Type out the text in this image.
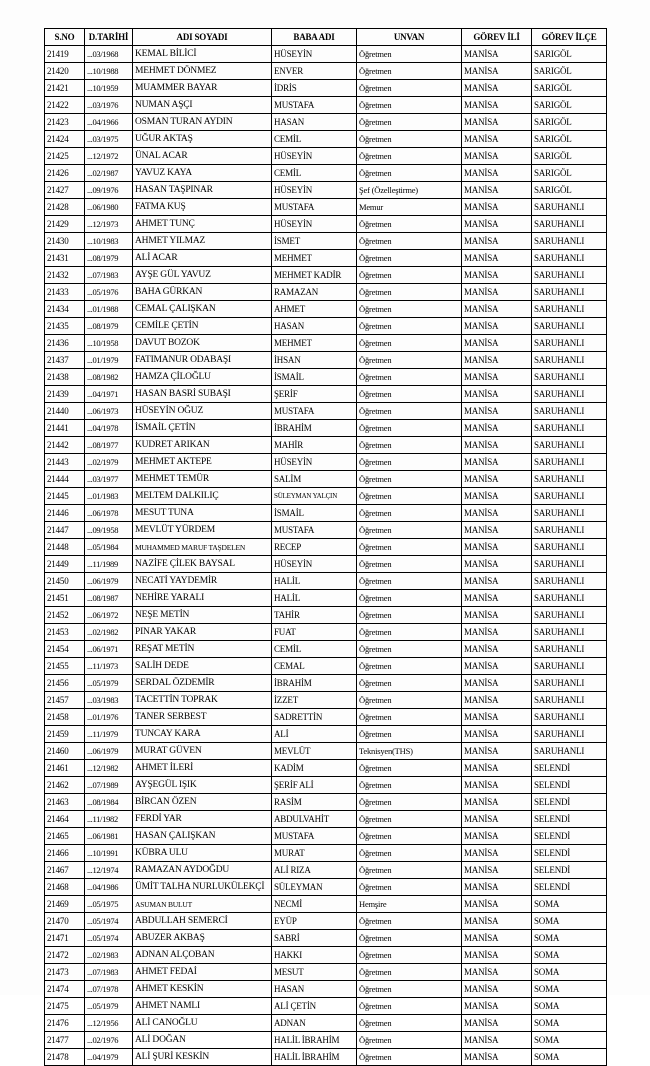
S.NO	D.TARİHİ	ADI SOYADI	BABA ADI	UNVAN	GÖREV İLİ	GÖREV İLÇE
21419	...03/1968	KEMAL BİLİCİ	HÜSEYİN	Öğretmen	MANİSA	SARIGÖL
21420	...10/1988	MEHMET DÖNMEZ	ENVER	Öğretmen	MANİSA	SARIGÖL
21421	...10/1959	MUAMMER BAYAR	İDRİS	Öğretmen	MANİSA	SARIGÖL
21422	...03/1976	NUMAN AŞÇI	MUSTAFA	Öğretmen	MANİSA	SARIGÖL
21423	...04/1966	OSMAN TURAN AYDIN	HASAN	Öğretmen	MANİSA	SARIGÖL
21424	...03/1975	UĞUR AKTAŞ	CEMİL	Öğretmen	MANİSA	SARIGÖL
21425	...12/1972	ÜNAL ACAR	HÜSEYİN	Öğretmen	MANİSA	SARIGÖL
21426	...02/1987	YAVUZ KAYA	CEMİL	Öğretmen	MANİSA	SARIGÖL
21427	...09/1976	HASAN TAŞPINAR	HÜSEYİN	Şef (Özelleştirme)	MANİSA	SARIGÖL
21428	...06/1980	FATMA KUŞ	MUSTAFA	Memur	MANİSA	SARUHANLI
21429	...12/1973	AHMET TUNÇ	HÜSEYİN	Öğretmen	MANİSA	SARUHANLI
21430	...10/1983	AHMET YILMAZ	İSMET	Öğretmen	MANİSA	SARUHANLI
21431	...08/1979	ALİ ACAR	MEHMET	Öğretmen	MANİSA	SARUHANLI
21432	...07/1983	AYŞE GÜL YAVUZ	MEHMET KADİR	Öğretmen	MANİSA	SARUHANLI
21433	...05/1976	BAHA GÜRKAN	RAMAZAN	Öğretmen	MANİSA	SARUHANLI
21434	...01/1988	CEMAL ÇALIŞKAN	AHMET	Öğretmen	MANİSA	SARUHANLI
21435	...08/1979	CEMİLE ÇETİN	HASAN	Öğretmen	MANİSA	SARUHANLI
21436	...10/1958	DAVUT BOZOK	MEHMET	Öğretmen	MANİSA	SARUHANLI
21437	...01/1979	FATIMANUR ODABAŞI	İHSAN	Öğretmen	MANİSA	SARUHANLI
21438	...08/1982	HAMZA ÇİLOĞLU	İSMAİL	Öğretmen	MANİSA	SARUHANLI
21439	...04/1971	HASAN BASRİ SUBAŞI	ŞERİF	Öğretmen	MANİSA	SARUHANLI
21440	...06/1973	HÜSEYİN OĞUZ	MUSTAFA	Öğretmen	MANİSA	SARUHANLI
21441	...04/1978	İSMAİL ÇETİN	İBRAHİM	Öğretmen	MANİSA	SARUHANLI
21442	...08/1977	KUDRET ARIKAN	MAHİR	Öğretmen	MANİSA	SARUHANLI
21443	...02/1979	MEHMET AKTEPE	HÜSEYİN	Öğretmen	MANİSA	SARUHANLI
21444	...03/1977	MEHMET TEMÜR	SALİM	Öğretmen	MANİSA	SARUHANLI
21445	...01/1983	MELTEM DALKILIÇ	SÜLEYMAN YALÇIN	Öğretmen	MANİSA	SARUHANLI
21446	...06/1978	MESUT TUNA	İSMAİL	Öğretmen	MANİSA	SARUHANLI
21447	...09/1958	MEVLÜT YÜRDEM	MUSTAFA	Öğretmen	MANİSA	SARUHANLI
21448	...05/1984	MUHAMMED MARUF TAŞDELEN	RECEP	Öğretmen	MANİSA	SARUHANLI
21449	...11/1989	NAZİFE ÇİLEK BAYSAL	HÜSEYİN	Öğretmen	MANİSA	SARUHANLI
21450	...06/1979	NECATİ YAYDEMİR	HALİL	Öğretmen	MANİSA	SARUHANLI
21451	...08/1987	NEHİRE YARALI	HALİL	Öğretmen	MANİSA	SARUHANLI
21452	...06/1972	NEŞE METİN	TAHİR	Öğretmen	MANİSA	SARUHANLI
21453	...02/1982	PINAR YAKAR	FUAT	Öğretmen	MANİSA	SARUHANLI
21454	...06/1971	REŞAT METİN	CEMİL	Öğretmen	MANİSA	SARUHANLI
21455	...11/1973	SALİH DEDE	CEMAL	Öğretmen	MANİSA	SARUHANLI
21456	...05/1979	SERDAL ÖZDEMİR	İBRAHİM	Öğretmen	MANİSA	SARUHANLI
21457	...03/1983	TACETTİN TOPRAK	İZZET	Öğretmen	MANİSA	SARUHANLI
21458	...01/1976	TANER SERBEST	SADRETTİN	Öğretmen	MANİSA	SARUHANLI
21459	...11/1979	TUNCAY KARA	ALİ	Öğretmen	MANİSA	SARUHANLI
21460	...06/1979	MURAT GÜVEN	MEVLÜT	Teknisyen(THS)	MANİSA	SARUHANLI
21461	...12/1982	AHMET İLERİ	KADİM	Öğretmen	MANİSA	SELENDİ
21462	...07/1989	AYŞEGÜL IŞIK	ŞERİF ALİ	Öğretmen	MANİSA	SELENDİ
21463	...08/1984	BİRCAN ÖZEN	RASİM	Öğretmen	MANİSA	SELENDİ
21464	...11/1982	FERDİ YAR	ABDULVAHİT	Öğretmen	MANİSA	SELENDİ
21465	...06/1981	HASAN ÇALIŞKAN	MUSTAFA	Öğretmen	MANİSA	SELENDİ
21466	...10/1991	KÜBRA ULU	MURAT	Öğretmen	MANİSA	SELENDİ
21467	...12/1974	RAMAZAN AYDOĞDU	ALİ RIZA	Öğretmen	MANİSA	SELENDİ
21468	...04/1986	ÜMİT TALHA NURLUKÜLEKÇİ	SÜLEYMAN	Öğretmen	MANİSA	SELENDİ
21469	...05/1975	ASUMAN BULUT	NECMİ	Hemşire	MANİSA	SOMA
21470	...05/1974	ABDULLAH SEMERCİ	EYÜP	Öğretmen	MANİSA	SOMA
21471	...05/1974	ABUZER AKBAŞ	SABRİ	Öğretmen	MANİSA	SOMA
21472	...02/1983	ADNAN ALÇOBAN	HAKKI	Öğretmen	MANİSA	SOMA
21473	...07/1983	AHMET FEDAİ	MESUT	Öğretmen	MANİSA	SOMA
21474	...07/1978	AHMET KESKİN	HASAN	Öğretmen	MANİSA	SOMA
21475	...05/1979	AHMET NAMLI	ALİ ÇETİN	Öğretmen	MANİSA	SOMA
21476	...12/1956	ALİ CANOĞLU	ADNAN	Öğretmen	MANİSA	SOMA
21477	...02/1976	ALİ DOĞAN	HALİL İBRAHİM	Öğretmen	MANİSA	SOMA
21478	...04/1979	ALİ ŞURİ KESKİN	HALİL İBRAHİM	Öğretmen	MANİSA	SOMA
